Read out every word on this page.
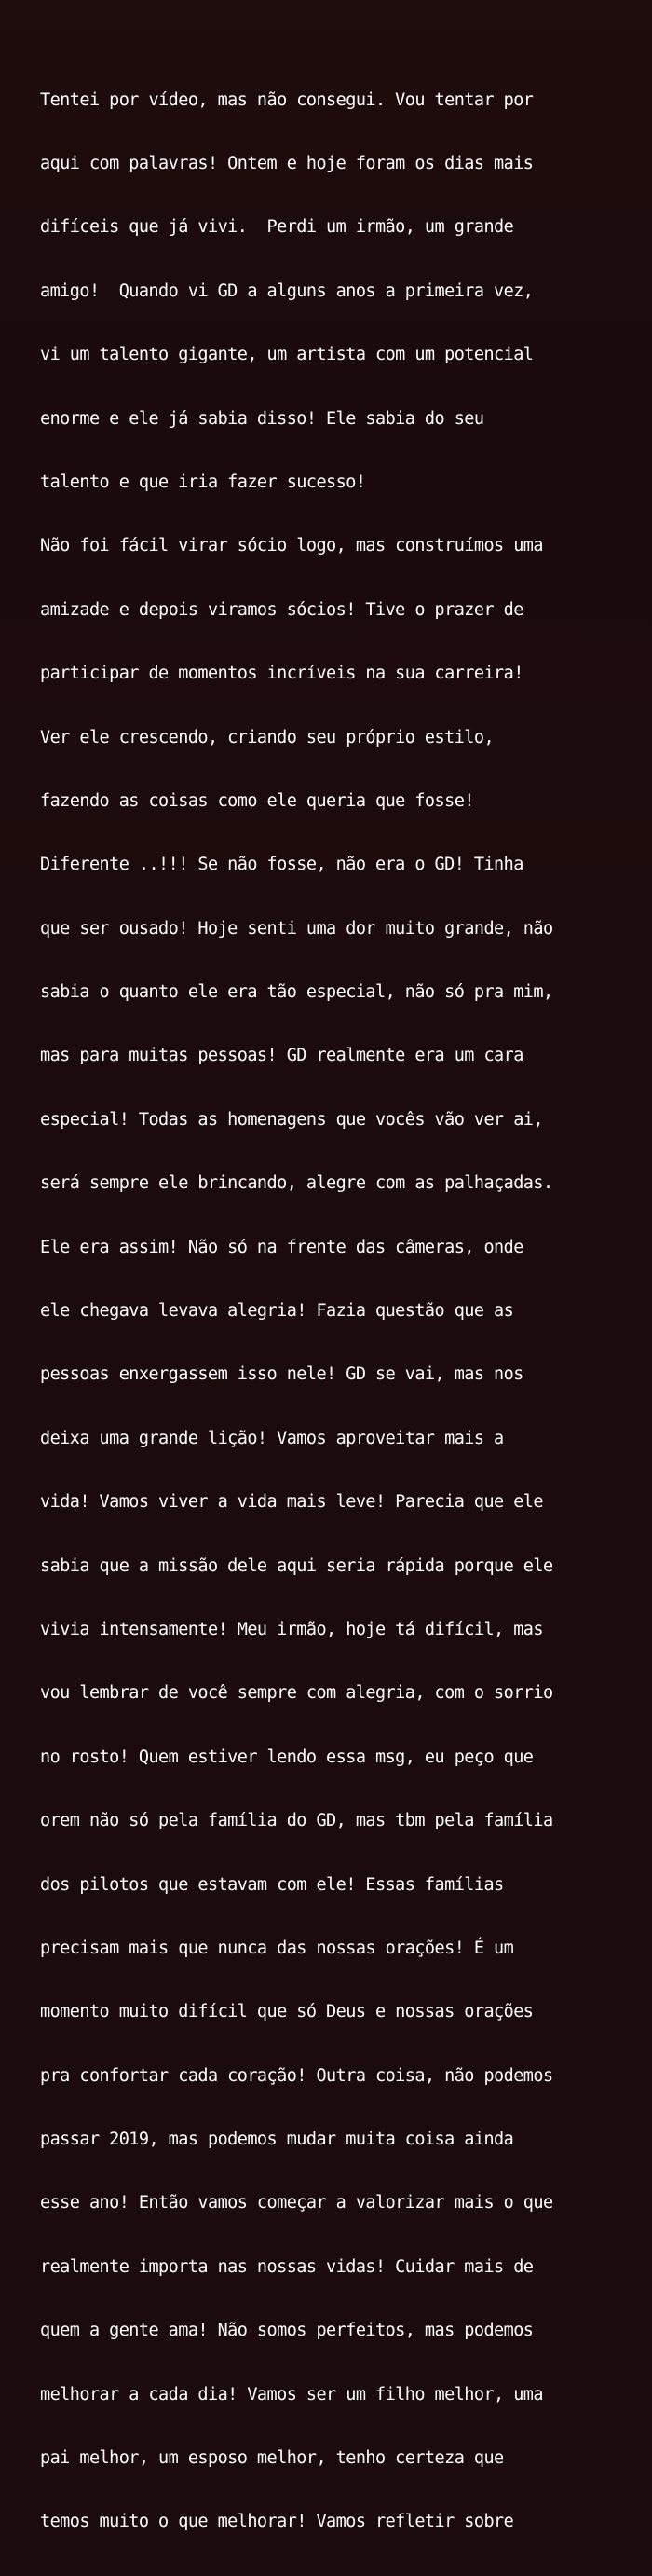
Tentei por vídeo, mas não consegui. Vou tentar por

aqui com palavras! Ontem e hoje foram os dias mais

difíceis que já vivi.  Perdi um irmão, um grande

amigo!  Quando vi GD a alguns anos a primeira vez,

vi um talento gigante, um artista com um potencial

enorme e ele já sabia disso! Ele sabia do seu

talento e que iria fazer sucesso!

Não foi fácil virar sócio logo, mas construímos uma

amizade e depois viramos sócios! Tive o prazer de

participar de momentos incríveis na sua carreira!

Ver ele crescendo, criando seu próprio estilo,

fazendo as coisas como ele queria que fosse!

Diferente ..!!! Se não fosse, não era o GD! Tinha

que ser ousado! Hoje senti uma dor muito grande, não

sabia o quanto ele era tão especial, não só pra mim,

mas para muitas pessoas! GD realmente era um cara

especial! Todas as homenagens que vocês vão ver ai,

será sempre ele brincando, alegre com as palhaçadas.

Ele era assim! Não só na frente das câmeras, onde

ele chegava levava alegria! Fazia questão que as

pessoas enxergassem isso nele! GD se vai, mas nos

deixa uma grande lição! Vamos aproveitar mais a

vida! Vamos viver a vida mais leve! Parecia que ele

sabia que a missão dele aqui seria rápida porque ele

vivia intensamente! Meu irmão, hoje tá difícil, mas

vou lembrar de você sempre com alegria, com o sorrio

no rosto! Quem estiver lendo essa msg, eu peço que

orem não só pela família do GD, mas tbm pela família

dos pilotos que estavam com ele! Essas famílias

precisam mais que nunca das nossas orações! É um

momento muito difícil que só Deus e nossas orações

pra confortar cada coração! Outra coisa, não podemos

passar 2019, mas podemos mudar muita coisa ainda

esse ano! Então vamos começar a valorizar mais o que

realmente importa nas nossas vidas! Cuidar mais de

quem a gente ama! Não somos perfeitos, mas podemos

melhorar a cada dia! Vamos ser um filho melhor, uma

pai melhor, um esposo melhor, tenho certeza que

temos muito o que melhorar! Vamos refletir sobre
